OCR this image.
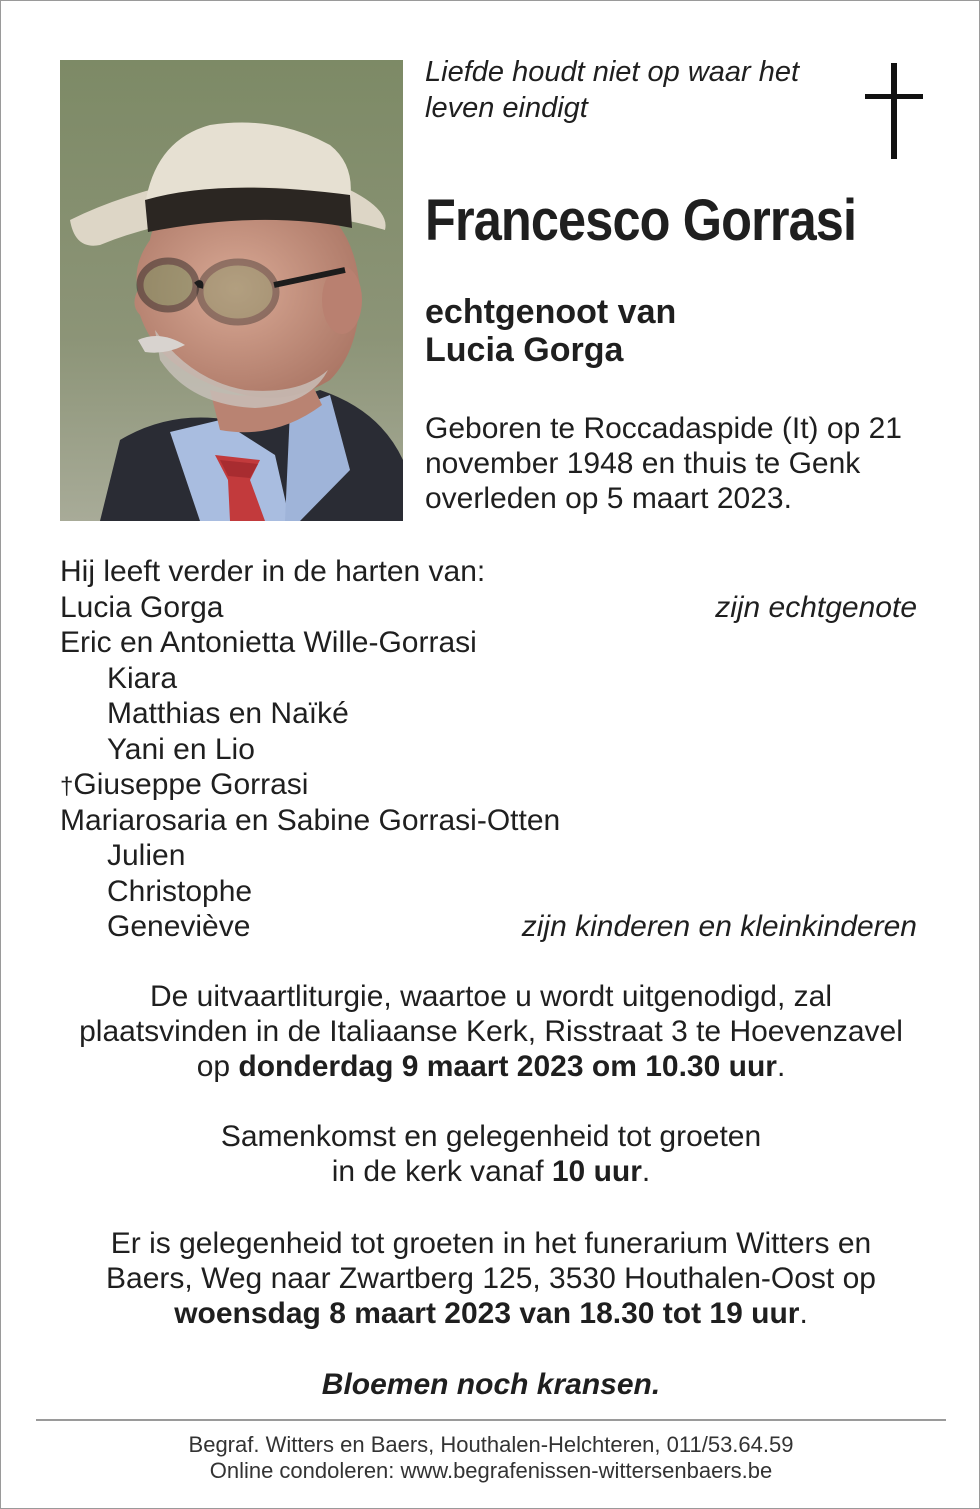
Liefde houdt niet op waar het
leven eindigt

Francesco Gorrasi

echtgenoot van
Lucia Gorga

Geboren te Roccadaspide (It) op 21
november 1948 en thuis te Genk
overleden op 5 maart 2023.

Hij leeft verder in de harten van:
Lucia Gorga	zijn echtgenote
Eric en Antonietta Wille-Gorrasi
Kiara
Matthias en Naïké
Yani en Lio
†Giuseppe Gorrasi
Mariarosaria en Sabine Gorrasi-Otten
Julien
Christophe
Geneviève	zijn kinderen en kleinkinderen
De uitvaartliturgie, waartoe u wordt uitgenodigd, zal
plaatsvinden in de Italiaanse Kerk, Risstraat 3 te Hoevenzavel
op donderdag 9 maart 2023 om 10.30 uur.
Samenkomst en gelegenheid tot groeten
in de kerk vanaf 10 uur.
Er is gelegenheid tot groeten in het funerarium Witters en
Baers, Weg naar Zwartberg 125, 3530 Houthalen-Oost op
woensdag 8 maart 2023 van 18.30 tot 19 uur.
Bloemen noch kransen.
Begraf. Witters en Baers, Houthalen-Helchteren, 011/53.64.59
Online condoleren: www.begrafenissen-wittersenbaers.be
